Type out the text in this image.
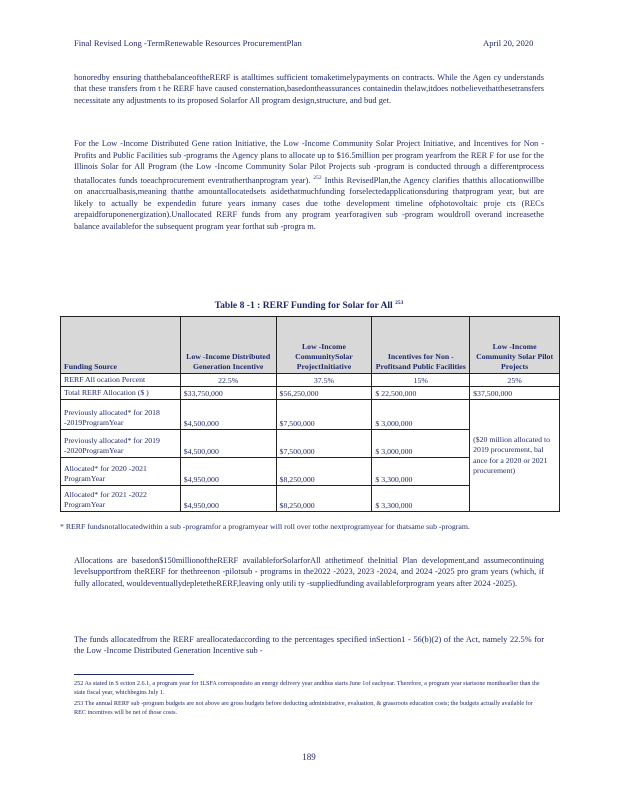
Final Revised Long -TermRenewable Resources ProcurementPlan	April 20, 2020
honoredby ensuring thatthebalanceoftheRERF is atalltimes sufficient tomaketimelypayments on contracts. While the Agen cy understands that these transfers from t he RERF have caused consternation,basedontheassurances containedin thelaw,itdoes notbelievethatthesetransfers necessitate any adjustments to its proposed Solarfor All program design,structure, and bud get.
For the Low -Income Distributed Gene ration Initiative, the Low -Income Community Solar Project Initiative, and Incentives for Non -Profits and Public Facilities sub -programs the Agency plans to allocate up to $16.5million per program yearfrom the RER F for use for the Illinois Solar for All Program (the Low -Income Community Solar Pilot Projects sub -program is conducted through a differentprocess thatallocates funds toeachprocurement eventratherthanprogram year). $^{252}$ Inthis RevisedPlan,the Agency clarifies thatthis allocationwillbe on anaccrualbasis,meaning thatthe amountallocatedsets asidethatmuchfunding forselectedapplicationsduring thatprogram year, but are likely to actually be expendedin future years inmany cases due tothe development timeline ofphotovoltaic proje cts (RECs arepaidforuponenergization).Unallocated RERF funds from any program yearforagiven sub -program wouldroll overand increasethe balance availablefor the subsequent program year forthat sub -progra m.
Table 8 -1 : RERF Funding for Solar for All $^{253}$
Funding Source	Low -Income Distributed Generation Incentive	Low -Income CommunitySolar ProjectInitiative	Incentives for Non - Profitsand Public Facilities	Low -Income Community Solar Pilot Projects
RERF All ocation Percent	22.5%	37.5%	15%	25%
Total RERF Allocation ($ )	$33,750,000	$56,250,000	$ 22,500,000	$37,500,000
Previously allocated* for 2018 -2019ProgramYear	$4,500,000	$7,500,000	$ 3,000,000	($20 million allocated to 2019 procurement, bal ance for a 2020 or 2021 procurement)
Previously allocated* for 2019 -2020ProgramYear	$4,500,000	$7,500,000	$ 3,000,000	
Allocated* for 2020 -2021 ProgramYear	$4,950,000	$8,250,000	$ 3,300,000	
Allocated* for 2021 -2022 ProgramYear	$4,950,000	$8,250,000	$ 3,300,000	
* RERF fundsnotallocatedwithin a sub -programfor a programyear will roll over tothe nextprogramyear for thatsame sub -program.
Allocations are basedon$150millionoftheRERF availableforSolarforAll atthetimeof theInitial Plan development,and assumecontinuing levelsupportfrom theRERF for thethreenon -pilotsub - programs in the2022 -2023, 2023 -2024, and 2024 -2025 pro gram years (which, if fully allocated, wouldeventuallydepletetheRERF,leaving only utili ty -suppliedfunding availableforprogram years after 2024 -2025).
The funds allocatedfrom the RERF areallocatedaccording to the percentages specified inSection1 - 56(b)(2) of the Act, namely 22.5% for the Low -Income Distributed Generation Incentive sub -
252 As stated in S ection 2.6.1, a program year for ILSFA correspondsto an energy delivery year andthus starts June 1of eachyear. Therefore, a program year startsone monthearlier than the state fiscal year, whichbegins July 1.
253 The annual RERF sub -program budgets are not above are gross budgets before deducting administrative, evaluation, & grassroots education costs; the budgets actually available for REC incentives will be net of those costs.
189
